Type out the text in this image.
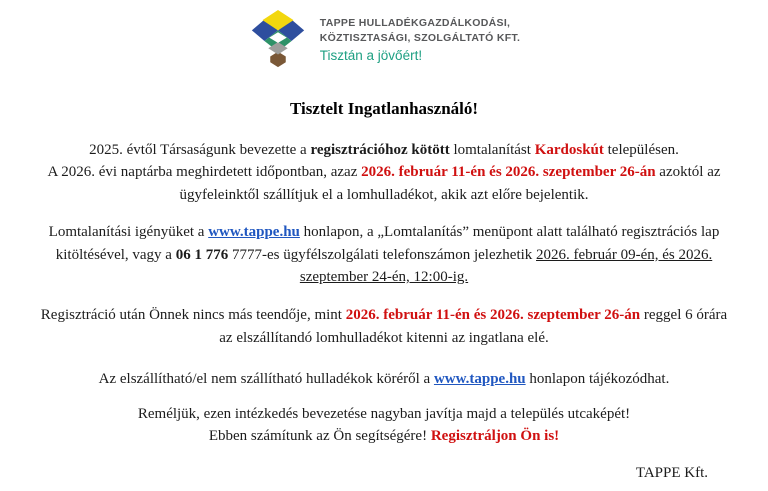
TAPPE HULLADÉKGAZDÁLKODÁSI,
KÖZTISZTASÁGI, SZOLGÁLTATÓ KFT.
Tisztán a jövőért!
Tisztelt Ingatlanhasználó!
2025. évtől Társaságunk bevezette a regisztrációhoz kötött lomtalanítást Kardoskút településen.
A 2026. évi naptárba meghirdetett időpontban, azaz 2026. február 11-én és 2026. szeptember 26-án azoktól az
ügyfeleinktől szállítjuk el a lomhulladékot, akik azt előre bejelentik.
Lomtalanítási igényüket a www.tappe.hu honlapon, a „Lomtalanítás” menüpont alatt található regisztrációs lap
kitöltésével, vagy a 06 1 776 7777-es ügyfélszolgálati telefonszámon jelezhetik 2026. február 09-én, és 2026.
szeptember 24-én, 12:00-ig.
Regisztráció után Önnek nincs más teendője, mint 2026. február 11-én és 2026. szeptember 26-án reggel 6 órára
az elszállítandó lomhulladékot kitenni az ingatlana elé.
Az elszállítható/el nem szállítható hulladékok köréről a www.tappe.hu honlapon tájékozódhat.
Reméljük, ezen intézkedés bevezetése nagyban javítja majd a település utcaképét!
Ebben számítunk az Ön segítségére! Regisztráljon Ön is!
TAPPE Kft.
